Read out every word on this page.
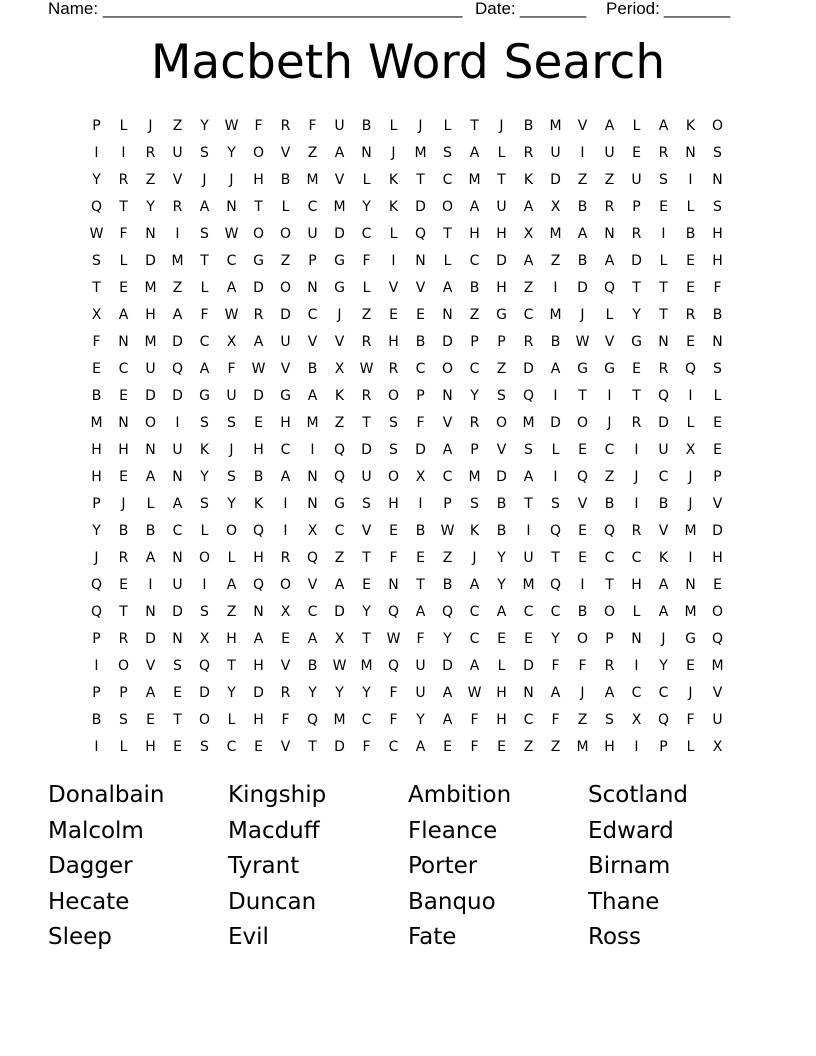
Name: ______________________________________ Date: _______ Period: _______
Macbeth Word Search
P	L	J	Z	Y	W	F	R	F	U	B	L	J	L	T	J	B	M	V	A	L	A	K	O
I	I	R	U	S	Y	O	V	Z	A	N	J	M	S	A	L	R	U	I	U	E	R	N	S
Y	R	Z	V	J	J	H	B	M	V	L	K	T	C	M	T	K	D	Z	Z	U	S	I	N
Q	T	Y	R	A	N	T	L	C	M	Y	K	D	O	A	U	A	X	B	R	P	E	L	S
W	F	N	I	S	W	O	O	U	D	C	L	Q	T	H	H	X	M	A	N	R	I	B	H
S	L	D	M	T	C	G	Z	P	G	F	I	N	L	C	D	A	Z	B	A	D	L	E	H
T	E	M	Z	L	A	D	O	N	G	L	V	V	A	B	H	Z	I	D	Q	T	T	E	F
X	A	H	A	F	W	R	D	C	J	Z	E	E	N	Z	G	C	M	J	L	Y	T	R	B
F	N	M	D	C	X	A	U	V	V	R	H	B	D	P	P	R	B	W	V	G	N	E	N
E	C	U	Q	A	F	W	V	B	X	W	R	C	O	C	Z	D	A	G	G	E	R	Q	S
B	E	D	D	G	U	D	G	A	K	R	O	P	N	Y	S	Q	I	T	I	T	Q	I	L
M	N	O	I	S	S	E	H	M	Z	T	S	F	V	R	O	M	D	O	J	R	D	L	E
H	H	N	U	K	J	H	C	I	Q	D	S	D	A	P	V	S	L	E	C	I	U	X	E
H	E	A	N	Y	S	B	A	N	Q	U	O	X	C	M	D	A	I	Q	Z	J	C	J	P
P	J	L	A	S	Y	K	I	N	G	S	H	I	P	S	B	T	S	V	B	I	B	J	V
Y	B	B	C	L	O	Q	I	X	C	V	E	B	W	K	B	I	Q	E	Q	R	V	M	D
J	R	A	N	O	L	H	R	Q	Z	T	F	E	Z	J	Y	U	T	E	C	C	K	I	H
Q	E	I	U	I	A	Q	O	V	A	E	N	T	B	A	Y	M	Q	I	T	H	A	N	E
Q	T	N	D	S	Z	N	X	C	D	Y	Q	A	Q	C	A	C	C	B	O	L	A	M	O
P	R	D	N	X	H	A	E	A	X	T	W	F	Y	C	E	E	Y	O	P	N	J	G	Q
I	O	V	S	Q	T	H	V	B	W	M	Q	U	D	A	L	D	F	F	R	I	Y	E	M
P	P	A	E	D	Y	D	R	Y	Y	Y	F	U	A	W	H	N	A	J	A	C	C	J	V
B	S	E	T	O	L	H	F	Q	M	C	F	Y	A	F	H	C	F	Z	S	X	Q	F	U
I	L	H	E	S	C	E	V	T	D	F	C	A	E	F	E	Z	Z	M	H	I	P	L	X
Donalbain	Kingship	Ambition	Scotland
Malcolm	Macduff	Fleance	Edward
Dagger	Tyrant	Porter	Birnam
Hecate	Duncan	Banquo	Thane
Sleep	Evil	Fate	Ross
